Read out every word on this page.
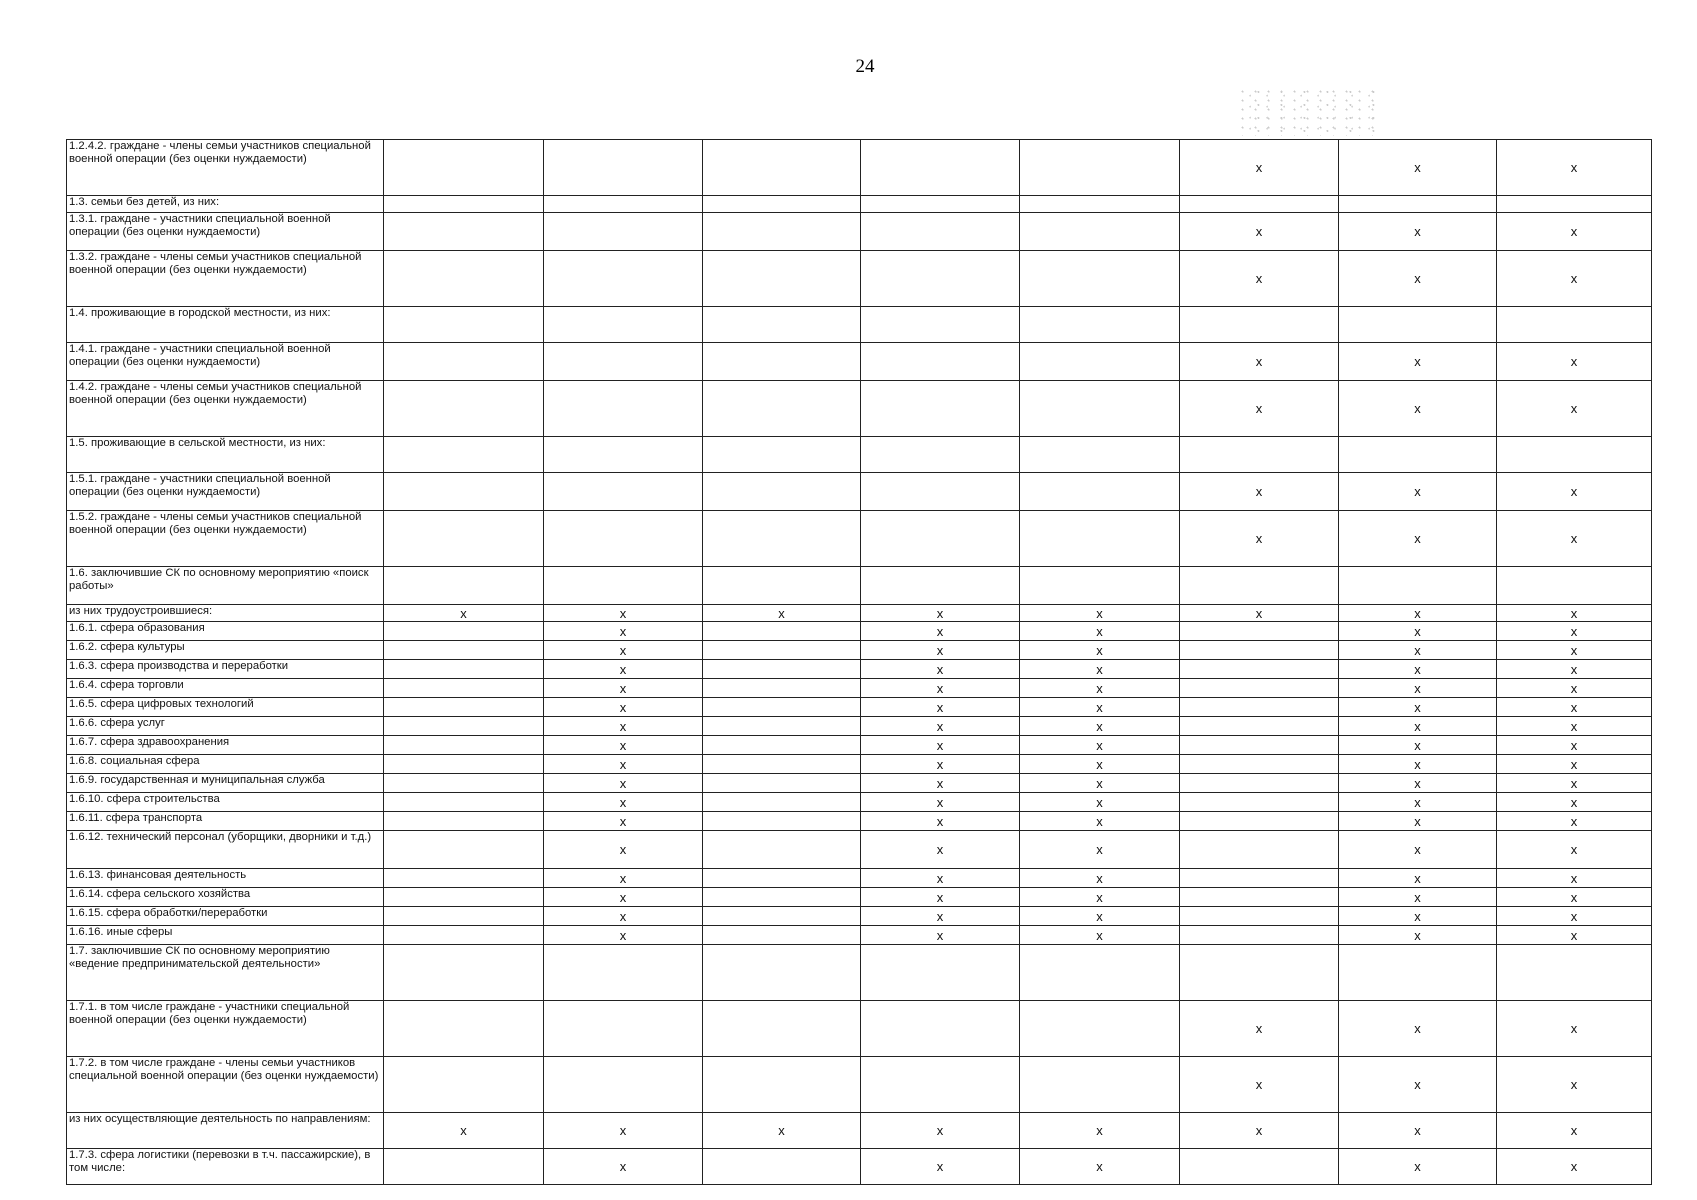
24
1.2.4.2. граждане - члены семьи участников специальной военной операции (без оценки нуждаемости)						x	x	x
1.3. семьи без детей, из них:								
1.3.1. граждане - участники специальной военной операции (без оценки нуждаемости)						x	x	x
1.3.2. граждане - члены семьи участников специальной военной операции (без оценки нуждаемости)						x	x	x
1.4. проживающие в городской местности, из них:								
1.4.1. граждане - участники специальной военной операции (без оценки нуждаемости)						x	x	x
1.4.2. граждане - члены семьи участников специальной военной операции (без оценки нуждаемости)						x	x	x
1.5. проживающие в сельской местности, из них:								
1.5.1. граждане - участники специальной военной операции (без оценки нуждаемости)						x	x	x
1.5.2. граждане - члены семьи участников специальной военной операции (без оценки нуждаемости)						x	x	x
1.6. заключившие СК по основному мероприятию «поиск работы»								
из них трудоустроившиеся:	x	x	x	x	x	x	x	x
1.6.1. сфера образования		x		x	x		x	x
1.6.2. сфера культуры		x		x	x		x	x
1.6.3. сфера производства и переработки		x		x	x		x	x
1.6.4. сфера торговли		x		x	x		x	x
1.6.5. сфера цифровых технологий		x		x	x		x	x
1.6.6. сфера услуг		x		x	x		x	x
1.6.7. сфера здравоохранения		x		x	x		x	x
1.6.8. социальная сфера		x		x	x		x	x
1.6.9. государственная и муниципальная служба		x		x	x		x	x
1.6.10. сфера строительства		x		x	x		x	x
1.6.11. сфера транспорта		x		x	x		x	x
1.6.12. технический персонал (уборщики, дворники и т.д.)		x		x	x		x	x
1.6.13. финансовая деятельность		x		x	x		x	x
1.6.14. сфера сельского хозяйства		x		x	x		x	x
1.6.15. сфера обработки/переработки		x		x	x		x	x
1.6.16. иные сферы		x		x	x		x	x
1.7. заключившие СК по основному мероприятию «ведение предпринимательской деятельности»								
1.7.1. в том числе граждане - участники специальной военной операции (без оценки нуждаемости)						x	x	x
1.7.2. в том числе граждане - члены семьи участников специальной военной операции (без оценки нуждаемости)						x	x	x
из них осуществляющие деятельность по направлениям:	x	x	x	x	x	x	x	x
1.7.3. сфера логистики (перевозки в т.ч. пассажирские), в том числе:		x		x	x		x	x
